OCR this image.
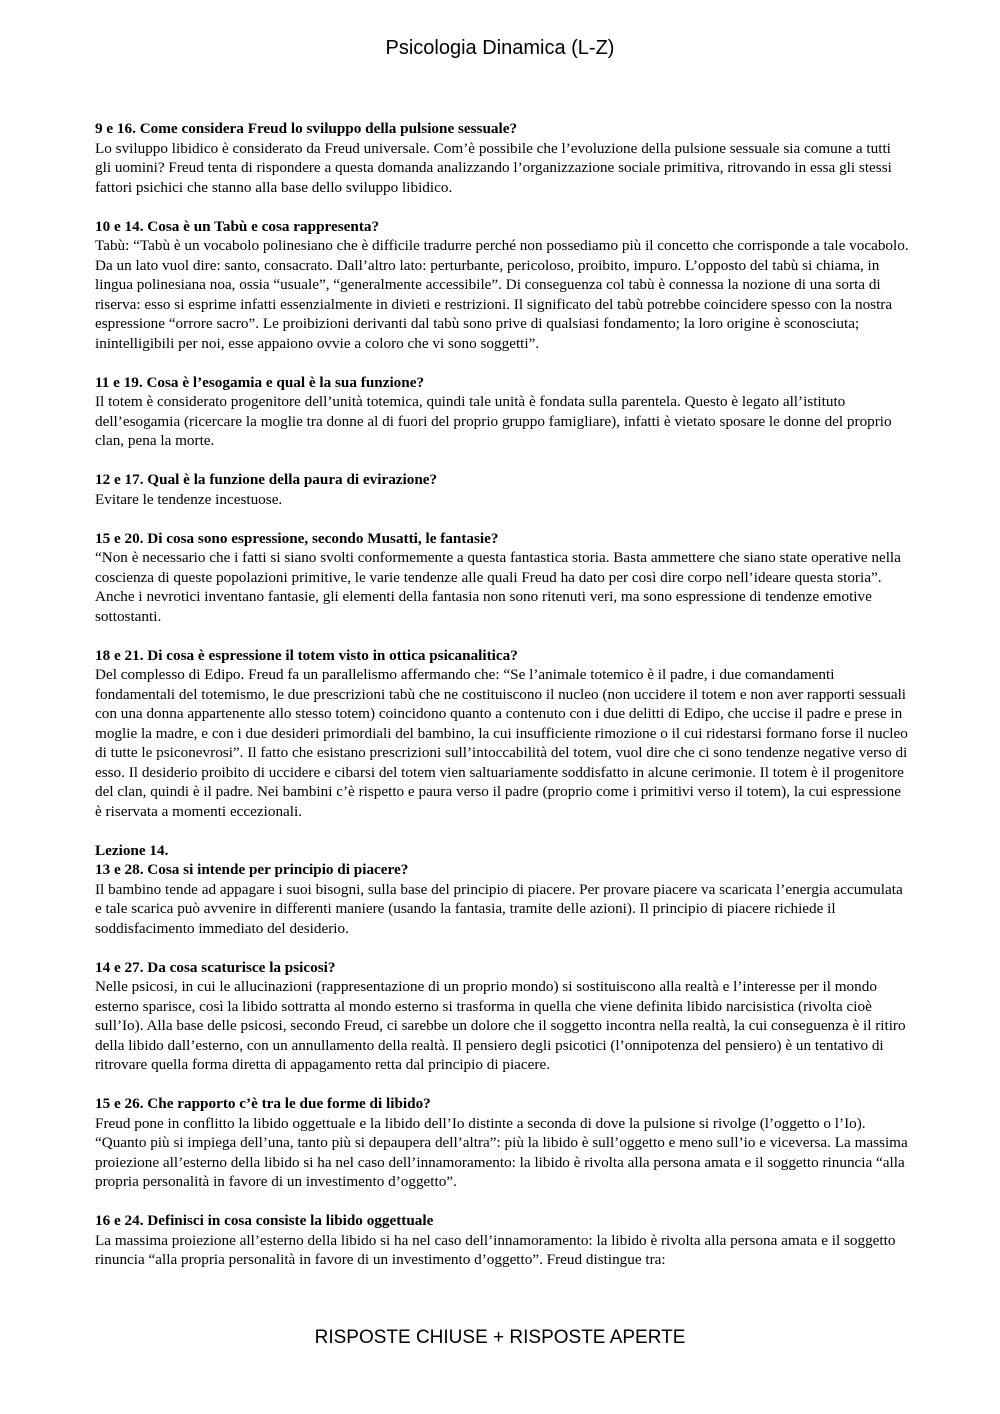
Psicologia Dinamica (L-Z)
9 e 16. Come considera Freud lo sviluppo della pulsione sessuale?
Lo sviluppo libidico è considerato da Freud universale. Com’è possibile che l’evoluzione della pulsione sessuale sia comune a tutti gli uomini? Freud tenta di rispondere a questa domanda analizzando l’organizzazione sociale primitiva, ritrovando in essa gli stessi fattori psichici che stanno alla base dello sviluppo libidico.
10 e 14. Cosa è un Tabù e cosa rappresenta?
Tabù: “Tabù è un vocabolo polinesiano che è difficile tradurre perché non possediamo più il concetto che corrisponde a tale vocabolo. Da un lato vuol dire: santo, consacrato. Dall’altro lato: perturbante, pericoloso, proibito, impuro. L’opposto del tabù si chiama, in lingua polinesiana noa, ossia “usuale”, “generalmente accessibile”. Di conseguenza col tabù è connessa la nozione di una sorta di riserva: esso si esprime infatti essenzialmente in divieti e restrizioni. Il significato del tabù potrebbe coincidere spesso con la nostra espressione “orrore sacro”. Le proibizioni derivanti dal tabù sono prive di qualsiasi fondamento; la loro origine è sconosciuta; inintelligibili per noi, esse appaiono ovvie a coloro che vi sono soggetti”.
11 e 19. Cosa è l’esogamia e qual è la sua funzione?
Il totem è considerato progenitore dell’unità totemica, quindi tale unità è fondata sulla parentela. Questo è legato all’istituto dell’esogamia (ricercare la moglie tra donne al di fuori del proprio gruppo famigliare), infatti è vietato sposare le donne del proprio clan, pena la morte.
12 e 17. Qual è la funzione della paura di evirazione?
Evitare le tendenze incestuose.
15 e 20. Di cosa sono espressione, secondo Musatti, le fantasie?
“Non è necessario che i fatti si siano svolti conformemente a questa fantastica storia. Basta ammettere che siano state operative nella coscienza di queste popolazioni primitive, le varie tendenze alle quali Freud ha dato per così dire corpo nell’ideare questa storia”. Anche i nevrotici inventano fantasie, gli elementi della fantasia non sono ritenuti veri, ma sono espressione di tendenze emotive sottostanti.
18 e 21. Di cosa è espressione il totem visto in ottica psicanalitica?
Del complesso di Edipo. Freud fa un parallelismo affermando che: “Se l’animale totemico è il padre, i due comandamenti fondamentali del totemismo, le due prescrizioni tabù che ne costituiscono il nucleo (non uccidere il totem e non aver rapporti sessuali con una donna appartenente allo stesso totem) coincidono quanto a contenuto con i due delitti di Edipo, che uccise il padre e prese in moglie la madre, e con i due desideri primordiali del bambino, la cui insufficiente rimozione o il cui ridestarsi formano forse il nucleo di tutte le psiconevrosi”. Il fatto che esistano prescrizioni sull’intoccabilità del totem, vuol dire che ci sono tendenze negative verso di esso. Il desiderio proibito di uccidere e cibarsi del totem vien saltuariamente soddisfatto in alcune cerimonie. Il totem è il progenitore del clan, quindi è il padre. Nei bambini c’è rispetto e paura verso il padre (proprio come i primitivi verso il totem), la cui espressione è riservata a momenti eccezionali.
Lezione 14.
13 e 28. Cosa si intende per principio di piacere?
Il bambino tende ad appagare i suoi bisogni, sulla base del principio di piacere. Per provare piacere va scaricata l’energia accumulata e tale scarica può avvenire in differenti maniere (usando la fantasia, tramite delle azioni). Il principio di piacere richiede il soddisfacimento immediato del desiderio.
14 e 27. Da cosa scaturisce la psicosi?
Nelle psicosi, in cui le allucinazioni (rappresentazione di un proprio mondo) si sostituiscono alla realtà e l’interesse per il mondo esterno sparisce, così la libido sottratta al mondo esterno si trasforma in quella che viene definita libido narcisistica (rivolta cioè sull’Io). Alla base delle psicosi, secondo Freud, ci sarebbe un dolore che il soggetto incontra nella realtà, la cui conseguenza è il ritiro della libido dall’esterno, con un annullamento della realtà. Il pensiero degli psicotici (l’onnipotenza del pensiero) è un tentativo di ritrovare quella forma diretta di appagamento retta dal principio di piacere.
15 e 26. Che rapporto c’è tra le due forme di libido?
Freud pone in conflitto la libido oggettuale e la libido dell’Io distinte a seconda di dove la pulsione si rivolge (l’oggetto o l’Io). “Quanto più si impiega dell’una, tanto più si depaupera dell’altra”: più la libido è sull’oggetto e meno sull’io e viceversa. La massima proiezione all’esterno della libido si ha nel caso dell’innamoramento: la libido è rivolta alla persona amata e il soggetto rinuncia “alla propria personalità in favore di un investimento d’oggetto”.
16 e 24. Definisci in cosa consiste la libido oggettuale
La massima proiezione all’esterno della libido si ha nel caso dell’innamoramento: la libido è rivolta alla persona amata e il soggetto rinuncia “alla propria personalità in favore di un investimento d’oggetto”. Freud distingue tra:
RISPOSTE CHIUSE + RISPOSTE APERTE
